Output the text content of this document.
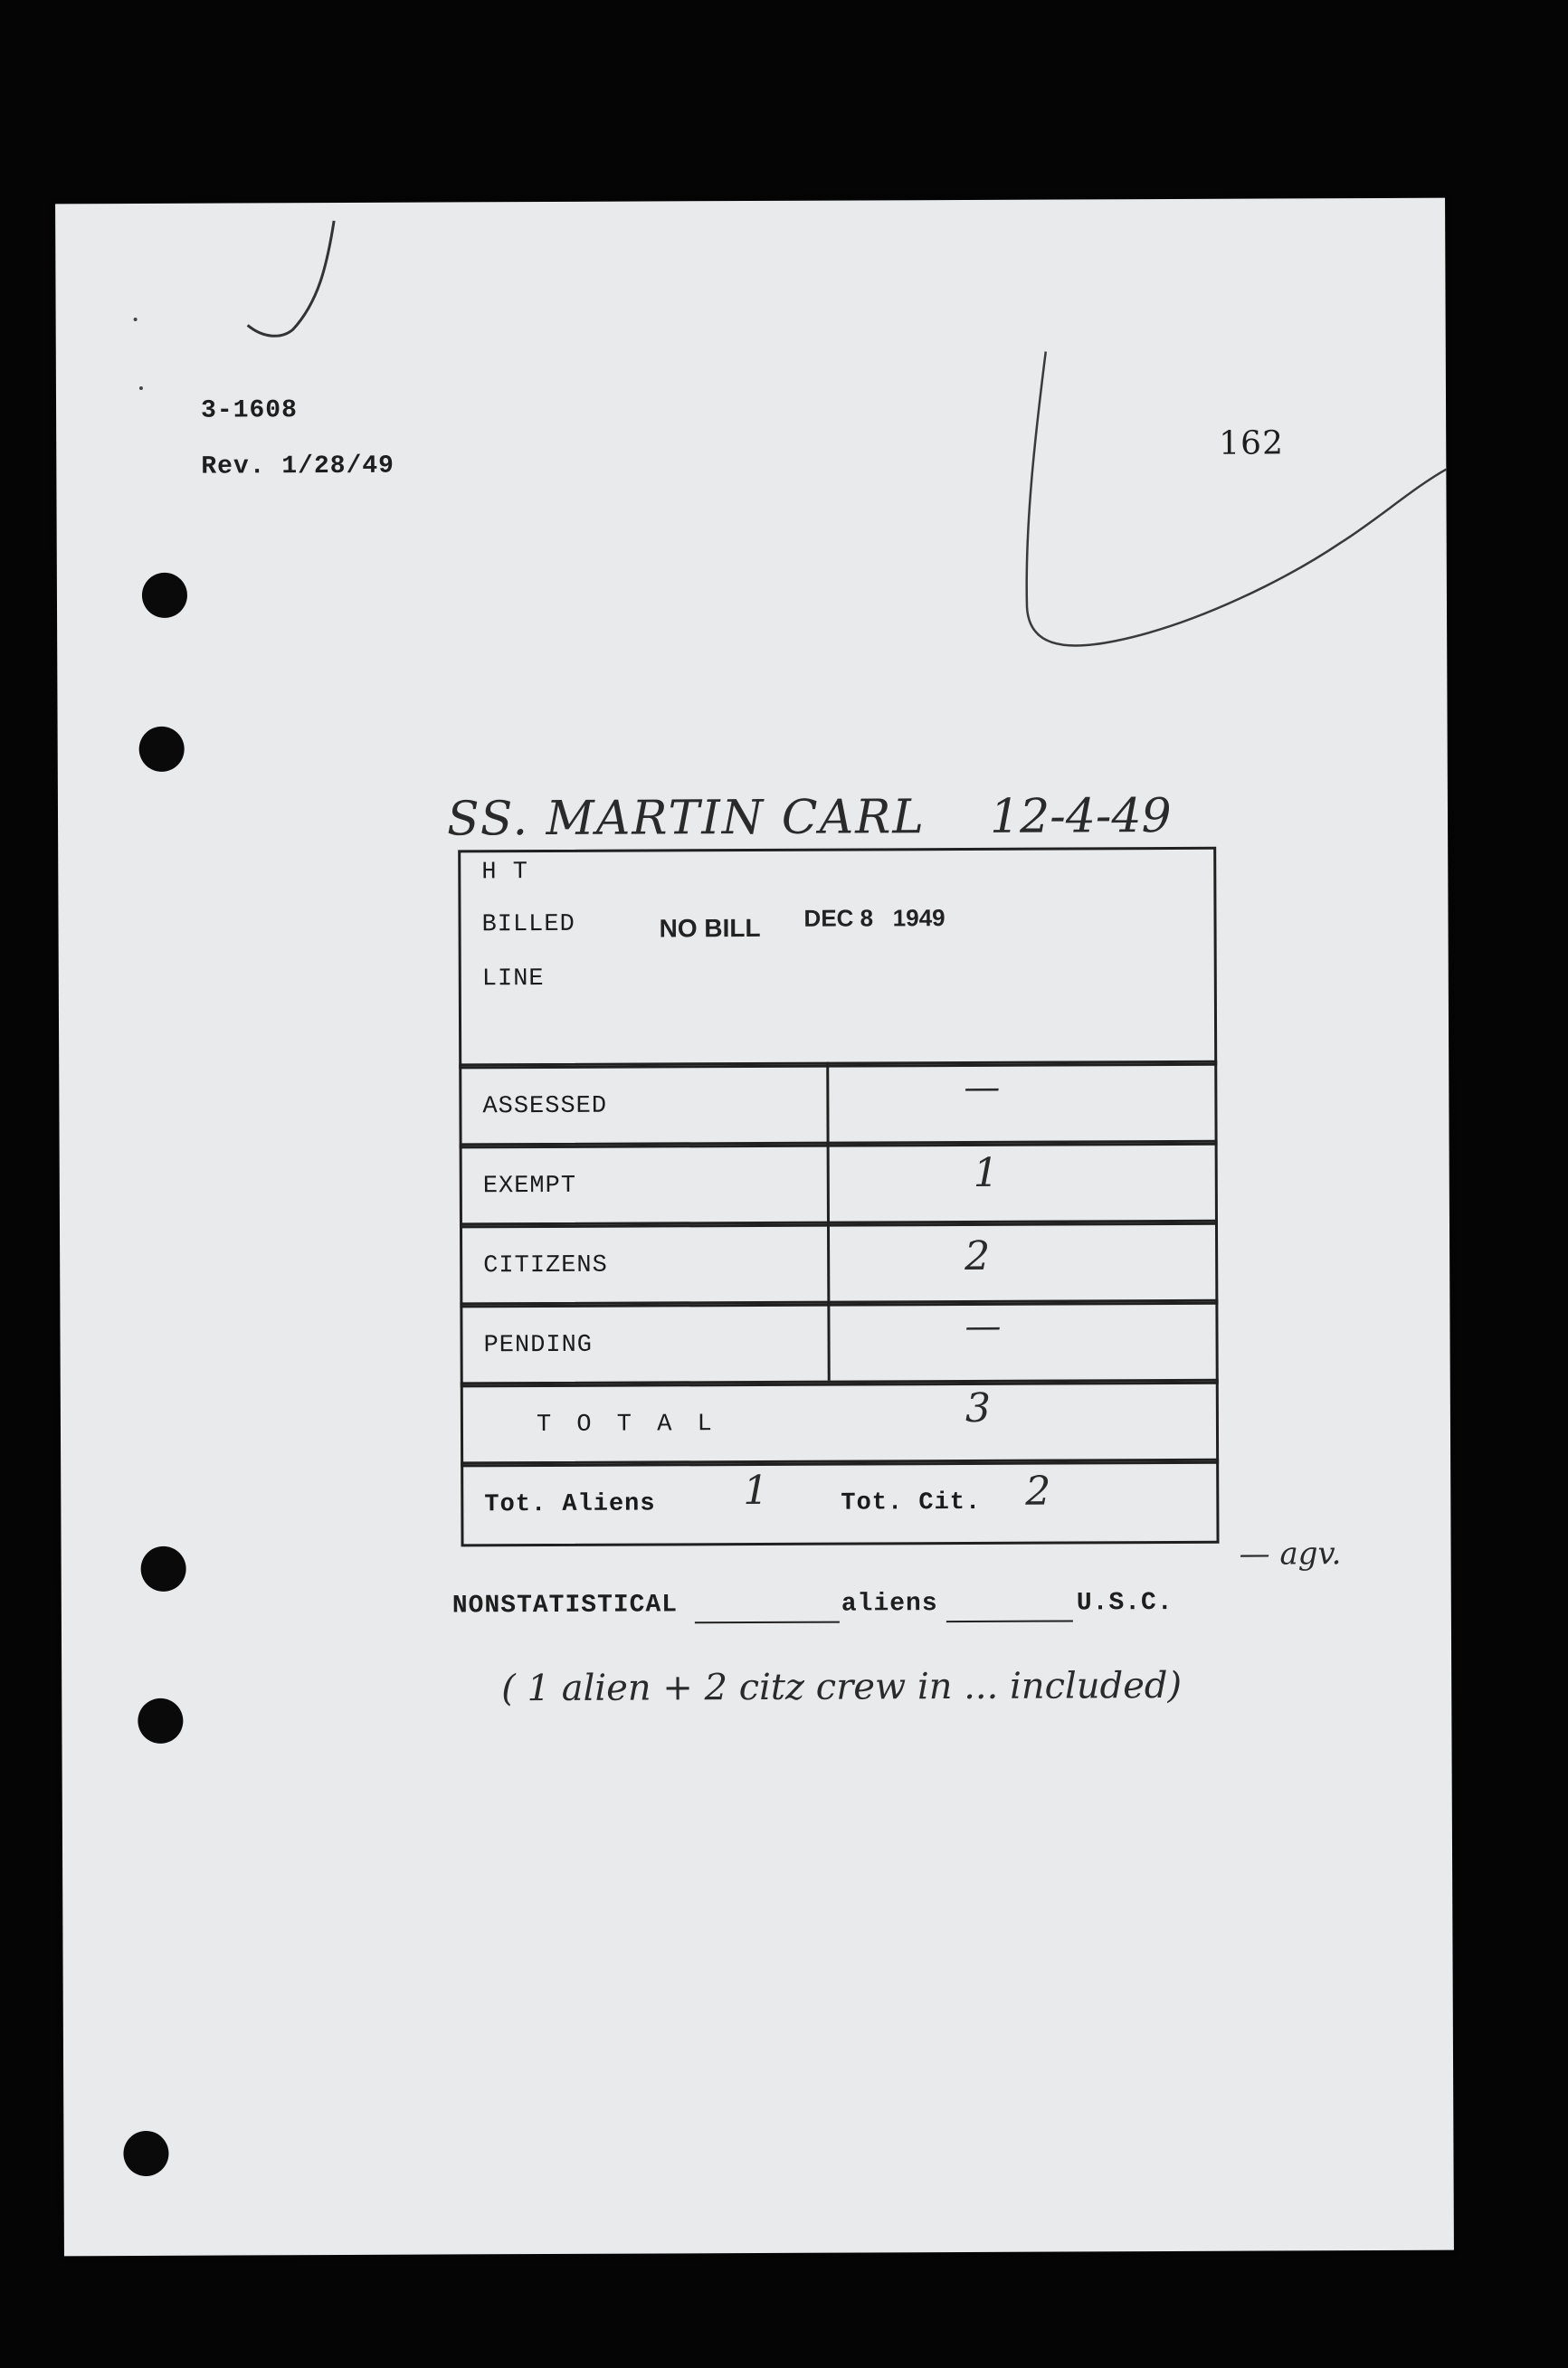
3-1608
Rev. 1/28/49
162
SS. MARTIN CARL 12-4-49
H T
BILLED
LINE
NO BILL DEC 8   1949
ASSESSED	—
EXEMPT	1
CITIZENS	2
PENDING	—
T O T A L	3
Tot. Aliens 1	Tot. Cit. 2
— agv.
NONSTATISTICAL	aliens	U.S.C.
( 1 alien + 2 citz crew in ... included)
